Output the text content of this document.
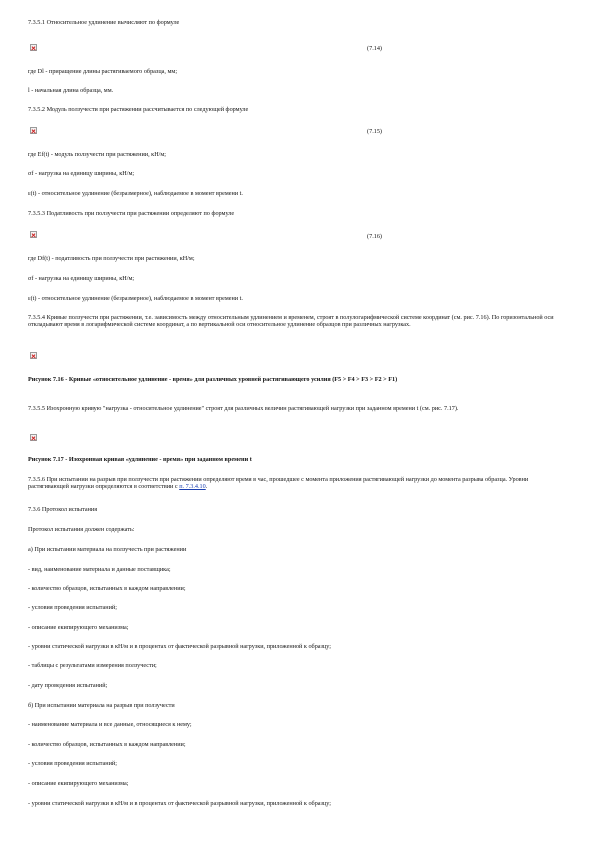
7.3.5.1 Относительное удлинение вычисляют по формуле
(7.14)
где Dl - приращение длины растягиваемого образца, мм;
l - начальная длина образца, мм.
7.3.5.2 Модуль ползучести при растяжении рассчитывается по следующей формуле
(7.15)
где Ef(t) - модуль ползучести при растяжении, кН/м;
σf - нагрузка на единицу ширины, кН/м;
ε(t) - относительное удлинение (безразмерное), наблюдаемое в момент времени t.
7.3.5.3 Податливость при ползучести при растяжении определяют по формуле
(7.16)
где Df(t) - податливость при ползучести при растяжении, кН/м;
σf - нагрузка на единицу ширины, кН/м;
ε(t) - относительное удлинение (безразмерное), наблюдаемое в момент времени t.
7.3.5.4 Кривые ползучести при растяжении, т.е. зависимость между относительным удлинением и временем, строят в полулогарифмической системе координат (см. рис. 7.16). По горизонтальной оси откладывают время в логарифмической системе координат, а по вертикальной оси относительное удлинение образцов при различных нагрузках.
Рисунок 7.16 - Кривые «относительное удлинение - время» для различных уровней растягивающего усилия (F5 > F4 > F3 > F2 > F1)
7.3.5.5 Изохронную кривую "нагрузка - относительное удлинение" строят для различных величин растягивающей нагрузки при заданном времени t (см. рис. 7.17).
Рисунок 7.17 - Изохронная кривая «удлинение - время» при заданном времени t
7.3.5.6 При испытании на разрыв при ползучести при растяжении определяют время в час, прошедшее с момента приложения растягивающей нагрузки до момента разрыва образца. Уровни растягивающей нагрузки определяются в соответствии с п. 7.3.4.10.
7.3.6 Протокол испытания
Протокол испытания должен содержать:
а) При испытании материала на ползучесть при растяжении
- вид, наименование материала и данные поставщика;
- количество образцов, испытанных в каждом направлении;
- условия проведения испытаний;
- описание екипирующего механизма;
- уровни статической нагрузки в кН/м и в процентах от фактической разрывной нагрузки, приложенной к образцу;
- таблицы с результатами измерения ползучести;
- дату проведения испытаний;
б) При испытании материала на разрыв при ползучести
- наименование материала и все данные, относящиеся к нему;
- количество образцов, испытанных в каждом направлении;
- условия проведения испытаний;
- описание екипирующего механизма;
- уровни статической нагрузки в кН/м и в процентах от фактической разрывной нагрузки, приложенной к образцу;
